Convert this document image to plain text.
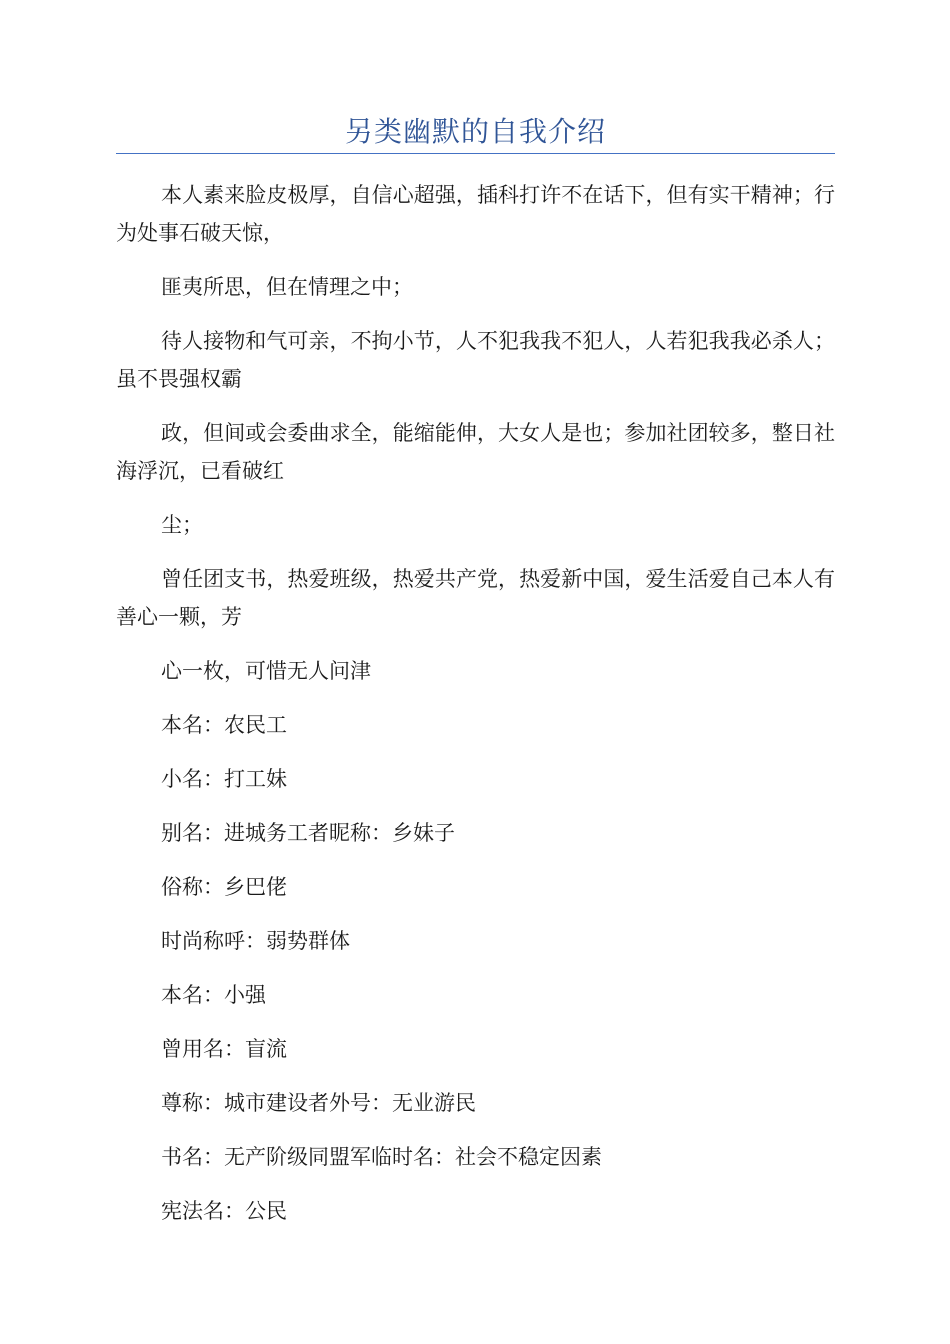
另类幽默的自我介绍

本人素来脸皮极厚，自信心超强，插科打许不在话下，但有实干精神；行为处事石破天惊，

匪夷所思，但在情理之中；

待人接物和气可亲，不拘小节，人不犯我我不犯人，人若犯我我必杀人；虽不畏强权霸

政，但间或会委曲求全，能缩能伸，大女人是也；参加社团较多，整日社海浮沉，已看破红

尘；

曾任团支书，热爱班级，热爱共产党，热爱新中国，爱生活爱自己本人有善心一颗，芳

心一枚，可惜无人问津

本名：农民工

小名：打工妹

别名：进城务工者昵称：乡妹子

俗称：乡巴佬

时尚称呼：弱势群体

本名：小强

曾用名：盲流

尊称：城市建设者外号：无业游民

书名：无产阶级同盟军临时名：社会不稳定因素

宪法名：公民
